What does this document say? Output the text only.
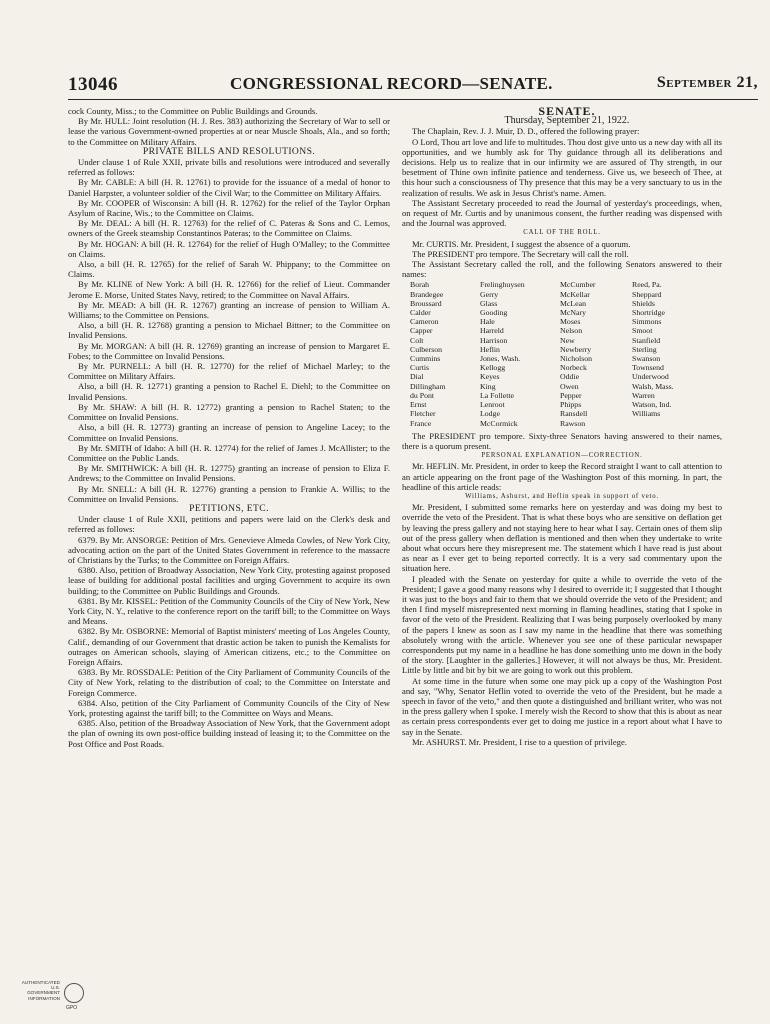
13046	CONGRESSIONAL RECORD—SENATE.	September 21,

cock County, Miss.; to the Committee on Public Buildings and Grounds.

By Mr. HULL: Joint resolution (H. J. Res. 383) authorizing the Secretary of War to sell or lease the various Government-owned properties at or near Muscle Shoals, Ala., and so forth; to the Committee on Military Affairs.

PRIVATE BILLS AND RESOLUTIONS.

Under clause 1 of Rule XXII, private bills and resolutions were introduced and severally referred as follows:

By Mr. CABLE: A bill (H. R. 12761) to provide for the issuance of a medal of honor to Daniel Harpster, a volunteer soldier of the Civil War; to the Committee on Military Affairs.

By Mr. COOPER of Wisconsin: A bill (H. R. 12762) for the relief of the Taylor Orphan Asylum of Racine, Wis.; to the Committee on Claims.

By Mr. DEAL: A bill (H. R. 12763) for the relief of C. Pateras & Sons and C. Lemos, owners of the Greek steamship Constantinos Pateras; to the Committee on Claims.

By Mr. HOGAN: A bill (H. R. 12764) for the relief of Hugh O'Malley; to the Committee on Claims.

Also, a bill (H. R. 12765) for the relief of Sarah W. Phippany; to the Committee on Claims.

By Mr. KLINE of New York: A bill (H. R. 12766) for the relief of Lieut. Commander Jerome E. Morse, United States Navy, retired; to the Committee on Naval Affairs.

By Mr. MEAD: A bill (H. R. 12767) granting an increase of pension to William A. Williams; to the Committee on Pensions.

Also, a bill (H. R. 12768) granting a pension to Michael Bittner; to the Committee on Invalid Pensions.

By Mr. MORGAN: A bill (H. R. 12769) granting an increase of pension to Margaret E. Fobes; to the Committee on Invalid Pensions.

By Mr. PURNELL: A bill (H. R. 12770) for the relief of Michael Marley; to the Committee on Military Affairs.

Also, a bill (H. R. 12771) granting a pension to Rachel E. Diehl; to the Committee on Invalid Pensions.

By Mr. SHAW: A bill (H. R. 12772) granting a pension to Rachel Staten; to the Committee on Invalid Pensions.

Also, a bill (H. R. 12773) granting an increase of pension to Angeline Lacey; to the Committee on Invalid Pensions.

By Mr. SMITH of Idaho: A bill (H. R. 12774) for the relief of James J. McAllister; to the Committee on the Public Lands.

By Mr. SMITHWICK: A bill (H. R. 12775) granting an increase of pension to Eliza F. Andrews; to the Committee on Invalid Pensions.

By Mr. SNELL: A bill (H. R. 12776) granting a pension to Frankie A. Willis; to the Committee on Invalid Pensions.

PETITIONS, ETC.

Under clause 1 of Rule XXII, petitions and papers were laid on the Clerk's desk and referred as follows:

6379. By Mr. ANSORGE: Petition of Mrs. Genevieve Almeda Cowles, of New York City, advocating action on the part of the United States Government in reference to the massacre of Christians by the Turks; to the Committee on Foreign Affairs.

6380. Also, petition of Broadway Association, New York City, protesting against proposed lease of building for additional postal facilities and urging Government to acquire its own building; to the Committee on Public Buildings and Grounds.

6381. By Mr. KISSEL: Petition of the Community Councils of the City of New York, New York City, N. Y., relative to the conference report on the tariff bill; to the Committee on Ways and Means.

6382. By Mr. OSBORNE: Memorial of Baptist ministers' meeting of Los Angeles County, Calif., demanding of our Government that drastic action be taken to punish the Kemalists for outrages on American schools, slaying of American citizens, etc.; to the Committee on Foreign Affairs.

6383. By Mr. ROSSDALE: Petition of the City Parliament of Community Councils of the City of New York, relating to the distribution of coal; to the Committee on Interstate and Foreign Commerce.

6384. Also, petition of the City Parliament of Community Councils of the City of New York, protesting against the tariff bill; to the Committee on Ways and Means.

6385. Also, petition of the Broadway Association of New York, that the Government adopt the plan of owning its own post-office building instead of leasing it; to the Committee on the Post Office and Post Roads.

SENATE.

Thursday, September 21, 1922.

The Chaplain, Rev. J. J. Muir, D. D., offered the following prayer:

O Lord, Thou art love and life to multitudes. Thou dost give unto us a new day with all its opportunities, and we humbly ask for Thy guidance through all its deliberations and decisions. Help us to realize that in our infirmity we are assured of Thy strength, in our besetment of Thine own infinite patience and tenderness. Give us, we beseech of Thee, at this hour such a consciousness of Thy presence that this may be a very sanctuary to us in the realization of results. We ask in Jesus Christ's name. Amen.

The Assistant Secretary proceeded to read the Journal of yesterday's proceedings, when, on request of Mr. Curtis and by unanimous consent, the further reading was dispensed with and the Journal was approved.

CALL OF THE ROLL.

Mr. CURTIS. Mr. President, I suggest the absence of a quorum.

The PRESIDENT pro tempore. The Secretary will call the roll.

The Assistant Secretary called the roll, and the following Senators answered to their names:

Borah	Frelinghuysen	McCumber	Reed, Pa.
Brandegee	Gerry	McKellar	Sheppard
Broussard	Glass	McLean	Shields
Calder	Gooding	McNary	Shortridge
Cameron	Hale	Moses	Simmons
Capper	Harreld	Nelson	Smoot
Colt	Harrison	New	Stanfield
Culberson	Heflin	Newberry	Sterling
Cummins	Jones, Wash.	Nicholson	Swanson
Curtis	Kellogg	Norbeck	Townsend
Dial	Keyes	Oddie	Underwood
Dillingham	King	Owen	Walsh, Mass.
du Pont	La Follette	Pepper	Warren
Ernst	Lenroot	Phipps	Watson, Ind.
Fletcher	Lodge	Ransdell	Williams
France	McCormick	Rawson

The PRESIDENT pro tempore. Sixty-three Senators having answered to their names, there is a quorum present.

PERSONAL EXPLANATION—CORRECTION.

Mr. HEFLIN. Mr. President, in order to keep the Record straight I want to call attention to an article appearing on the front page of the Washington Post of this morning. In part, the headline of this article reads:

Williams, Ashurst, and Heflin speak in support of veto.

Mr. President, I submitted some remarks here on yesterday and was doing my best to override the veto of the President. That is what these boys who are sensitive on deflation get by leaving the press gallery and not staying here to hear what I say. Certain ones of them slip out of the press gallery when deflation is mentioned and then when they undertake to write about what occurs here they misrepresent me. The statement which I have read is just about as near as I ever get to being reported correctly. It is a very sad commentary upon the situation here.

I pleaded with the Senate on yesterday for quite a while to override the veto of the President; I gave a good many reasons why I desired to override it; I suggested that I thought it was just to the boys and fair to them that we should override the veto of the President; and then I find myself misrepresented next morning in flaming headlines, stating that I spoke in favor of the veto of the President. Realizing that I was being purposely overlooked by many of the papers I knew as soon as I saw my name in the headline that there was something absolutely wrong with the article. Whenever you see one of these particular newspaper correspondents put my name in a headline he has done something unto me down in the body of the story. [Laughter in the galleries.] However, it will not always be thus, Mr. President. Little by little and bit by bit we are going to work out this problem.

At some time in the future when some one may pick up a copy of the Washington Post and say, "Why, Senator Heflin voted to override the veto of the President, but he made a speech in favor of the veto," and then quote a distinguished and brilliant writer, who was not in the press gallery when I spoke. I merely wish the Record to show that this is about as near as certain press correspondents ever get to doing me justice in a report about what I have to say in the Senate.

Mr. ASHURST. Mr. President, I rise to a question of privilege.

AUTHENTICATED U.S. GOVERNMENT INFORMATION
GPO
